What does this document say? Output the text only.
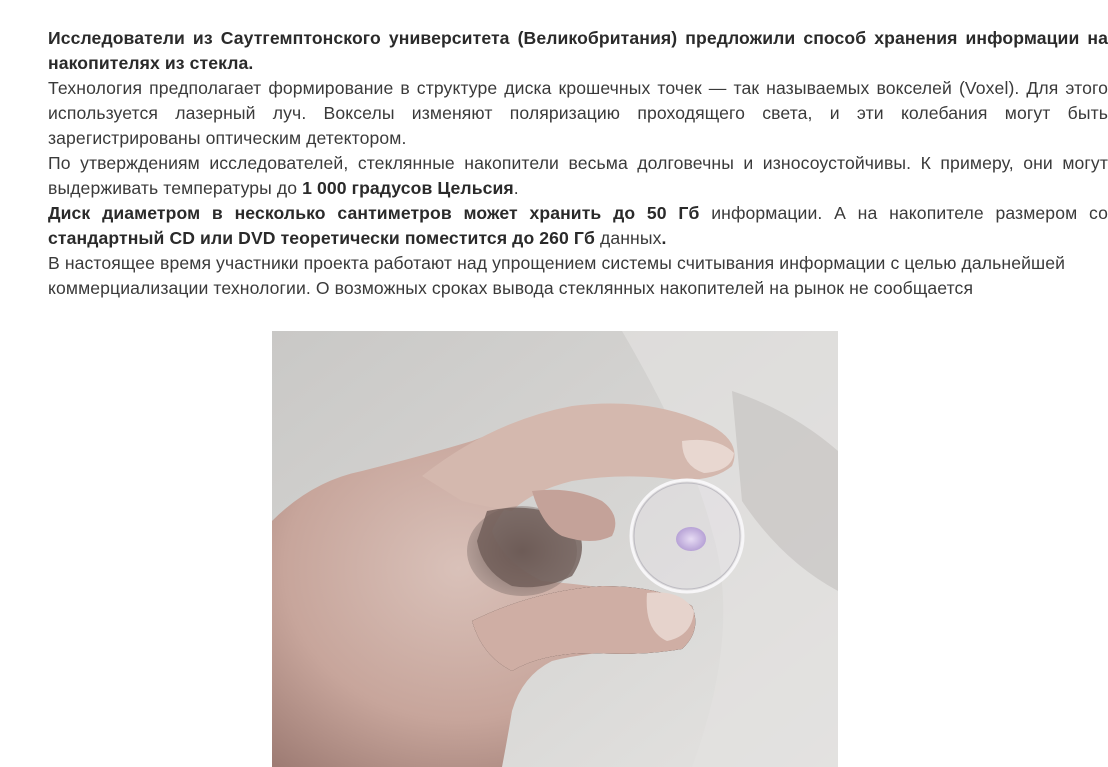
Исследователи из Саутгемптонского университета (Великобритания) предложили способ хранения информации на накопителях из стекла.

Технология предполагает формирование в структуре диска крошечных точек — так называемых вокселей (Voxel). Для этого используется лазерный луч. Вокселы изменяют поляризацию проходящего света, и эти колебания могут быть зарегистрированы оптическим детектором.

По утверждениям исследователей, стеклянные накопители весьма долговечны и износоустойчивы. К примеру, они могут выдерживать температуры до 1 000 градусов Цельсия.

Диск диаметром в несколько сантиметров может хранить до 50 Гб информации. А на накопителе размером со стандартный CD или DVD теоретически поместится до 260 Гб данных.

В настоящее время участники проекта работают над упрощением системы считывания информации с целью дальнейшей коммерциализации технологии. О возможных сроках вывода стеклянных накопителей на рынок не сообщается
